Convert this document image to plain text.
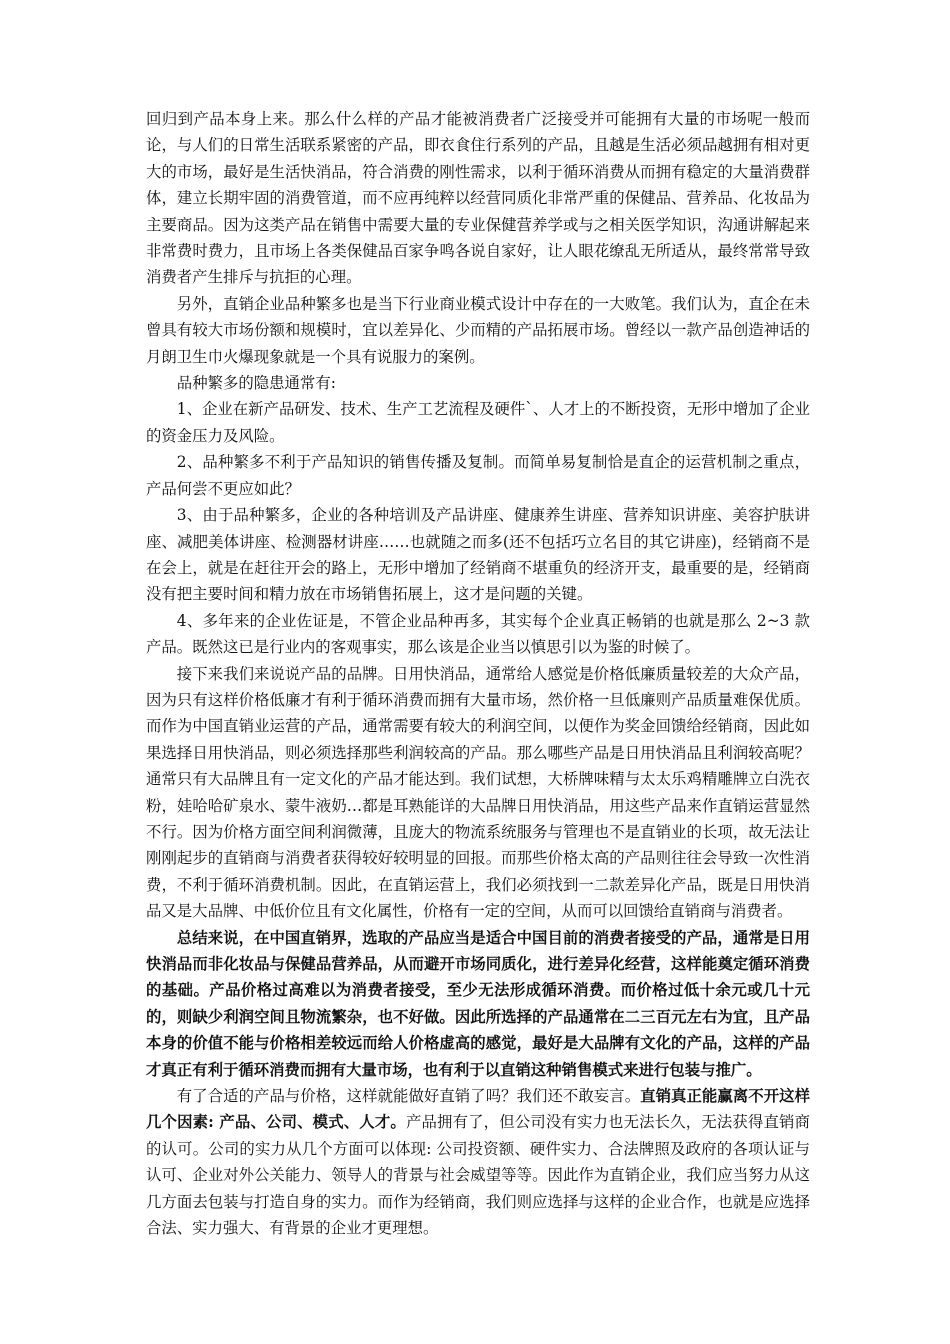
回归到产品本身上来。那么什么样的产品才能被消费者广泛接受并可能拥有大量的市场呢一般而论，与人们的日常生活联系紧密的产品，即衣食住行系列的产品，且越是生活必须品越拥有相对更大的市场，最好是生活快消品，符合消费的刚性需求，以利于循环消费从而拥有稳定的大量消费群体，建立长期牢固的消费管道，而不应再纯粹以经营同质化非常严重的保健品、营养品、化妆品为主要商品。因为这类产品在销售中需要大量的专业保健营养学或与之相关医学知识，沟通讲解起来非常费时费力，且市场上各类保健品百家争鸣各说自家好，让人眼花缭乱无所适从，最终常常导致消费者产生排斥与抗拒的心理。

另外，直销企业品种繁多也是当下行业商业模式设计中存在的一大败笔。我们认为，直企在未曾具有较大市场份额和规模时，宜以差异化、少而精的产品拓展市场。曾经以一款产品创造神话的月朗卫生巾火爆现象就是一个具有说服力的案例。

品种繁多的隐患通常有:

1、企业在新产品研发、技术、生产工艺流程及硬件`、人才上的不断投资，无形中增加了企业的资金压力及风险。

2、品种繁多不利于产品知识的销售传播及复制。而简单易复制恰是直企的运营机制之重点，产品何尝不更应如此？

3、由于品种繁多，企业的各种培训及产品讲座、健康养生讲座、营养知识讲座、美容护肤讲座、减肥美体讲座、检测器材讲座……也就随之而多(还不包括巧立名目的其它讲座)，经销商不是在会上，就是在赶往开会的路上，无形中增加了经销商不堪重负的经济开支，最重要的是，经销商没有把主要时间和精力放在市场销售拓展上，这才是问题的关键。

4、多年来的企业佐证是，不管企业品种再多，其实每个企业真正畅销的也就是那么 2~3 款产品。既然这已是行业内的客观事实，那么该是企业当以慎思引以为鉴的时候了。

接下来我们来说说产品的品牌。日用快消品，通常给人感觉是价格低廉质量较差的大众产品，因为只有这样价格低廉才有利于循环消费而拥有大量市场，然价格一旦低廉则产品质量难保优质。而作为中国直销业运营的产品，通常需要有较大的利润空间，以便作为奖金回馈给经销商，因此如果选择日用快消品，则必须选择那些利润较高的产品。那么哪些产品是日用快消品且利润较高呢？通常只有大品牌且有一定文化的产品才能达到。我们试想，大桥牌味精与太太乐鸡精雕牌立白洗衣粉，娃哈哈矿泉水、蒙牛液奶…都是耳熟能详的大品牌日用快消品，用这些产品来作直销运营显然不行。因为价格方面空间利润微薄，且庞大的物流系统服务与管理也不是直销业的长项，故无法让刚刚起步的直销商与消费者获得较好较明显的回报。而那些价格太高的产品则往往会导致一次性消费，不利于循环消费机制。因此，在直销运营上，我们必须找到一二款差异化产品，既是日用快消品又是大品牌、中低价位且有文化属性，价格有一定的空间，从而可以回馈给直销商与消费者。

总结来说，在中国直销界，选取的产品应当是适合中国目前的消费者接受的产品，通常是日用快消品而非化妆品与保健品营养品，从而避开市场同质化，进行差异化经营，这样能奠定循环消费的基础。产品价格过高难以为消费者接受，至少无法形成循环消费。而价格过低十余元或几十元的，则缺少利润空间且物流繁杂，也不好做。因此所选择的产品通常在二三百元左右为宜，且产品本身的价值不能与价格相差较远而给人价格虚高的感觉，最好是大品牌有文化的产品，这样的产品才真正有利于循环消费而拥有大量市场，也有利于以直销这种销售模式来进行包装与推广。

有了合适的产品与价格，这样就能做好直销了吗？我们还不敢妄言。直销真正能赢离不开这样几个因素: 产品、公司、模式、人才。产品拥有了，但公司没有实力也无法长久，无法获得直销商的认可。公司的实力从几个方面可以体现: 公司投资额、硬件实力、合法牌照及政府的各项认证与认可、企业对外公关能力、领导人的背景与社会威望等等。因此作为直销企业，我们应当努力从这几方面去包装与打造自身的实力。而作为经销商，我们则应选择与这样的企业合作，也就是应选择合法、实力强大、有背景的企业才更理想。
